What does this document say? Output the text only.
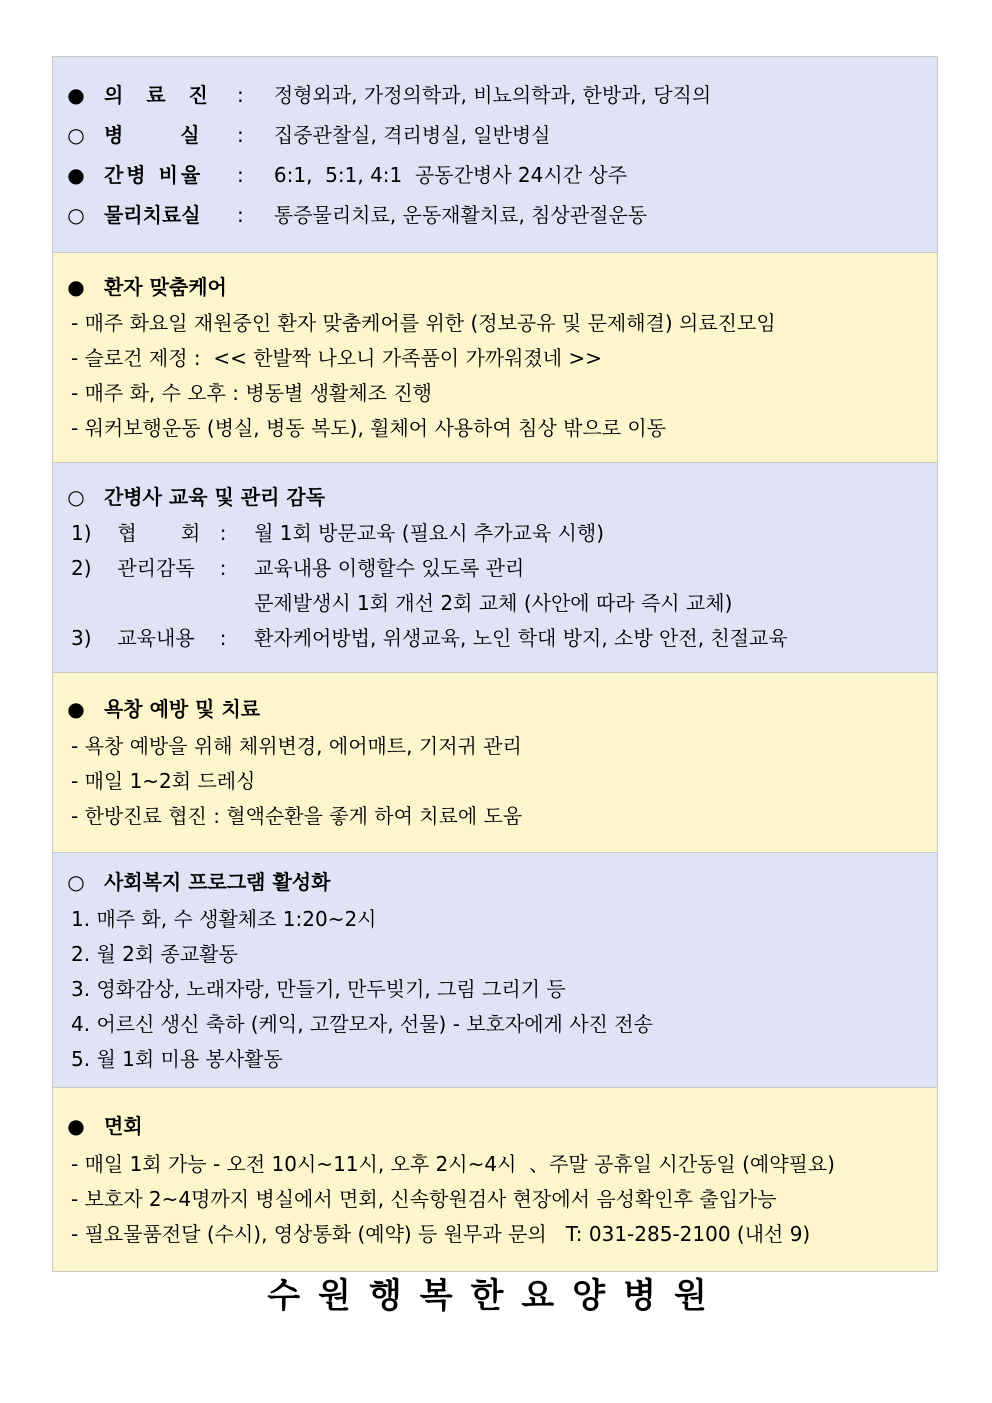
● 의 료 진 : 정형외과, 가정의학과, 비뇨의학과, 한방과, 당직의
○ 병 실 : 집중관찰실, 격리병실, 일반병실
● 간병 비율 : 6:1,  5:1, 4:1  공동간병사 24시간 상주
○ 물리치료실 : 통증물리치료, 운동재활치료, 침상관절운동
● 환자 맞춤케어
- 매주 화요일 재원중인 환자 맞춤케어를 위한 (정보공유 및 문제해결) 의료진모임
- 슬로건 제정 :  << 한발짝 나오니 가족품이 가까워졌네 >>
- 매주 화, 수 오후 : 병동별 생활체조 진행
- 워커보행운동 (병실, 병동 복도), 휠체어 사용하여 침상 밖으로 이동
○ 간병사 교육 및 관리 감독
1) 협 회 : 월 1회 방문교육 (필요시 추가교육 시행)
2) 관리감독 : 교육내용 이행할수 있도록 관리
문제발생시 1회 개선 2회 교체 (사안에 따라 즉시 교체)
3) 교육내용 : 환자케어방법, 위생교육, 노인 학대 방지, 소방 안전, 친절교육
● 욕창 예방 및 치료
- 욕창 예방을 위해 체위변경, 에어매트, 기저귀 관리
- 매일 1~2회 드레싱
- 한방진료 협진 : 혈액순환을 좋게 하여 치료에 도움
○ 사회복지 프로그램 활성화
1. 매주 화, 수 생활체조 1:20~2시
2. 월 2회 종교활동
3. 영화감상, 노래자랑, 만들기, 만두빚기, 그림 그리기 등
4. 어르신 생신 축하 (케익, 고깔모자, 선물) - 보호자에게 사진 전송
5. 월 1회 미용 봉사활동
● 면회
- 매일 1회 가능 - 오전 10시~11시, 오후 2시~4시  、주말 공휴일 시간동일 (예약필요)
- 보호자 2~4명까지 병실에서 면회, 신속항원검사 현장에서 음성확인후 출입가능
- 필요물품전달 (수시), 영상통화 (예약) 등 원무과 문의   T: 031-285-2100 (내선 9)
수원행복한요양병원
